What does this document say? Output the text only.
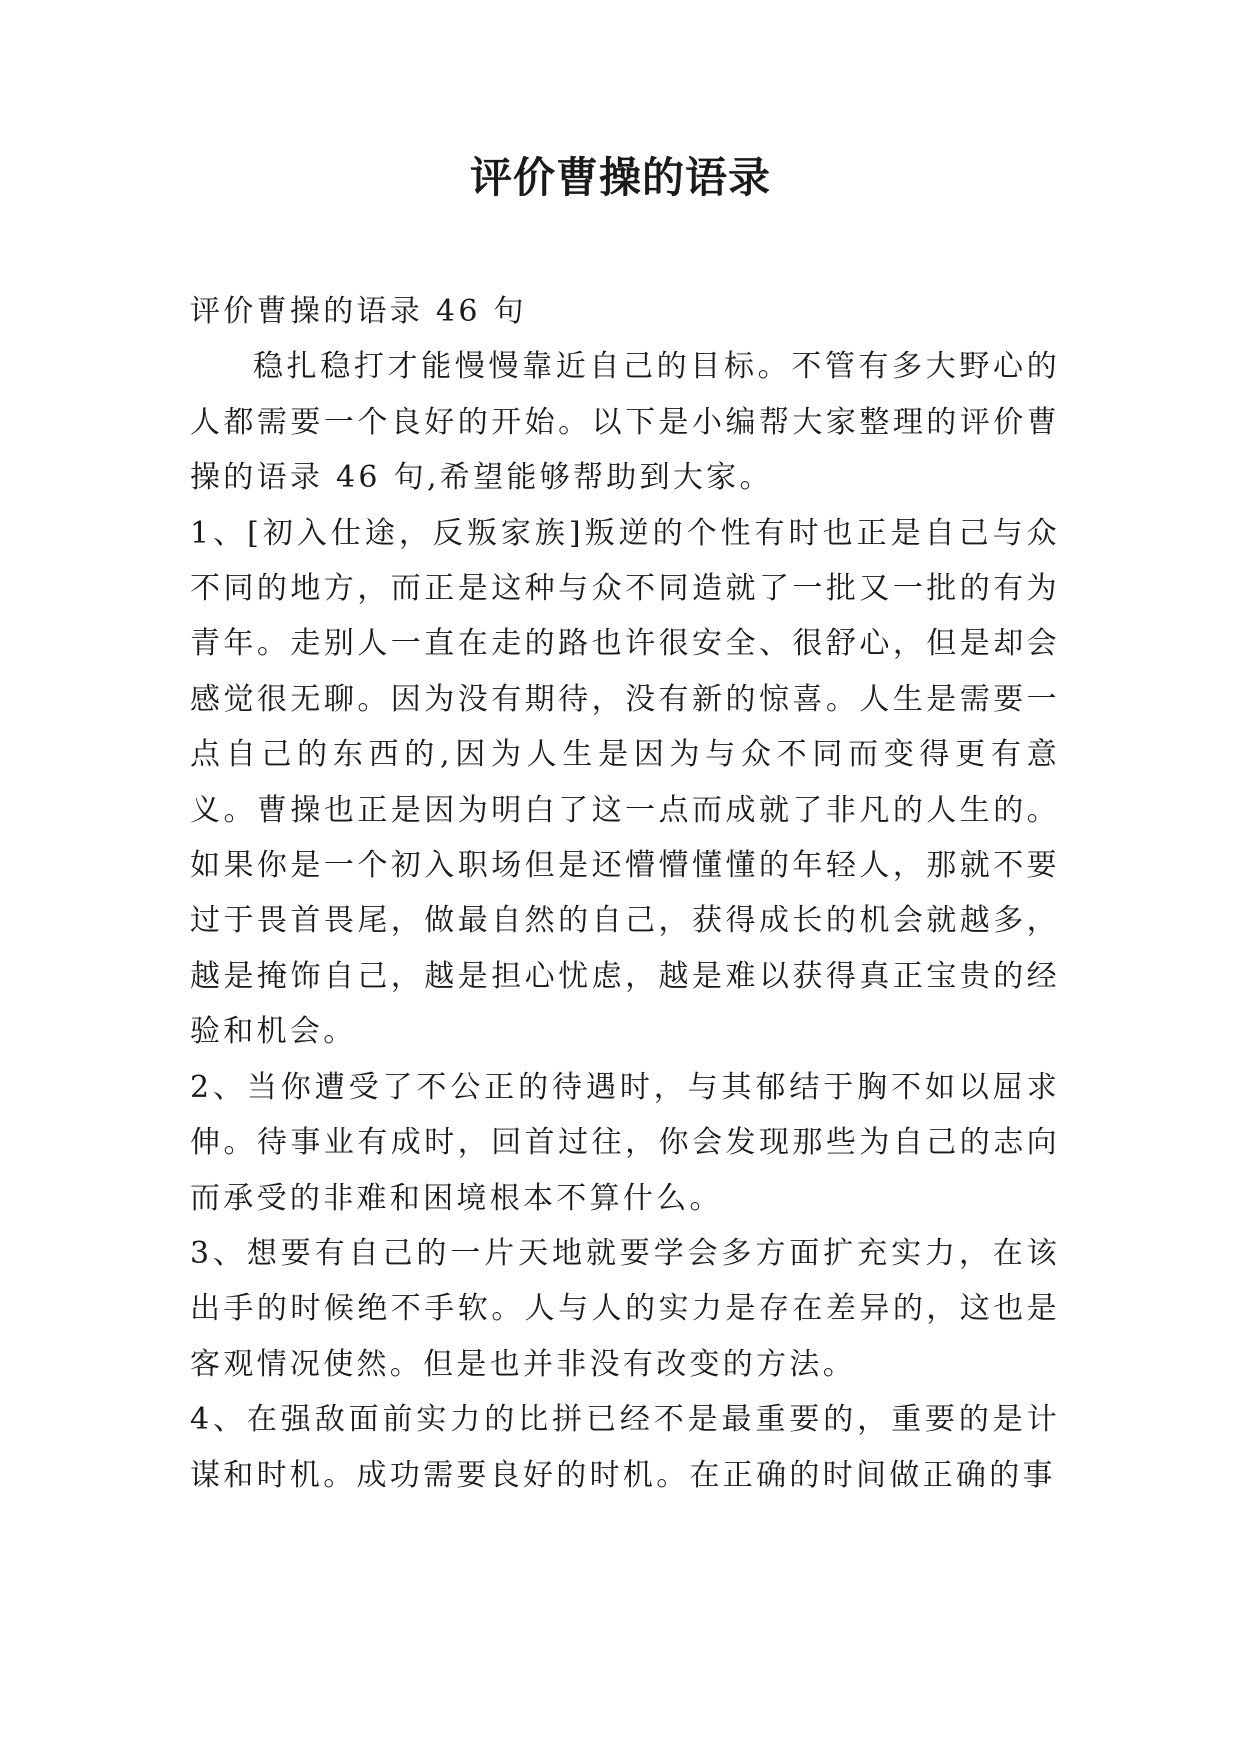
评价曹操的语录

评价曹操的语录 46 句

稳扎稳打才能慢慢靠近自己的目标。不管有多大野心的人都需要一个良好的开始。以下是小编帮大家整理的评价曹操的语录 46 句,希望能够帮助到大家。

1、[初入仕途，反叛家族]叛逆的个性有时也正是自己与众不同的地方，而正是这种与众不同造就了一批又一批的有为青年。走别人一直在走的路也许很安全、很舒心，但是却会感觉很无聊。因为没有期待，没有新的惊喜。人生是需要一点自己的东西的,因为人生是因为与众不同而变得更有意义。曹操也正是因为明白了这一点而成就了非凡的人生的。如果你是一个初入职场但是还懵懵懂懂的年轻人，那就不要过于畏首畏尾，做最自然的自己，获得成长的机会就越多，越是掩饰自己，越是担心忧虑，越是难以获得真正宝贵的经验和机会。

2、当你遭受了不公正的待遇时，与其郁结于胸不如以屈求伸。待事业有成时，回首过往，你会发现那些为自己的志向而承受的非难和困境根本不算什么。

3、想要有自己的一片天地就要学会多方面扩充实力，在该出手的时候绝不手软。人与人的实力是存在差异的，这也是客观情况使然。但是也并非没有改变的方法。

4、在强敌面前实力的比拼已经不是最重要的，重要的是计谋和时机。成功需要良好的时机。在正确的时间做正确的事
